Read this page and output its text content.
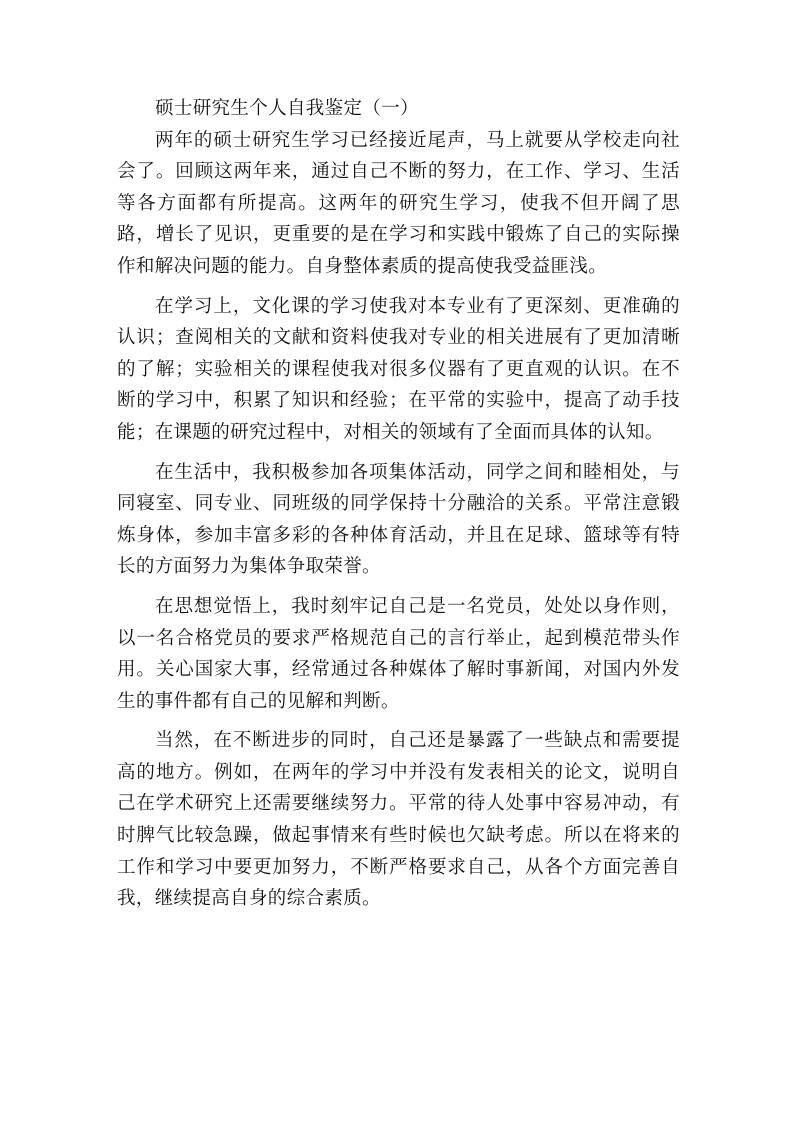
硕士研究生个人自我鉴定（一）

两年的硕士研究生学习已经接近尾声，马上就要从学校走向社会了。回顾这两年来，通过自己不断的努力，在工作、学习、生活等各方面都有所提高。这两年的研究生学习，使我不但开阔了思路，增长了见识，更重要的是在学习和实践中锻炼了自己的实际操作和解决问题的能力。自身整体素质的提高使我受益匪浅。

在学习上，文化课的学习使我对本专业有了更深刻、更准确的认识；查阅相关的文献和资料使我对专业的相关进展有了更加清晰的了解；实验相关的课程使我对很多仪器有了更直观的认识。在不断的学习中，积累了知识和经验；在平常的实验中，提高了动手技能；在课题的研究过程中，对相关的领域有了全面而具体的认知。

在生活中，我积极参加各项集体活动，同学之间和睦相处，与同寝室、同专业、同班级的同学保持十分融洽的关系。平常注意锻炼身体，参加丰富多彩的各种体育活动，并且在足球、篮球等有特长的方面努力为集体争取荣誉。

在思想觉悟上，我时刻牢记自己是一名党员，处处以身作则，以一名合格党员的要求严格规范自己的言行举止，起到模范带头作用。关心国家大事，经常通过各种媒体了解时事新闻，对国内外发生的事件都有自己的见解和判断。

当然，在不断进步的同时，自己还是暴露了一些缺点和需要提高的地方。例如，在两年的学习中并没有发表相关的论文，说明自己在学术研究上还需要继续努力。平常的待人处事中容易冲动，有时脾气比较急躁，做起事情来有些时候也欠缺考虑。所以在将来的工作和学习中要更加努力，不断严格要求自己，从各个方面完善自我，继续提高自身的综合素质。
